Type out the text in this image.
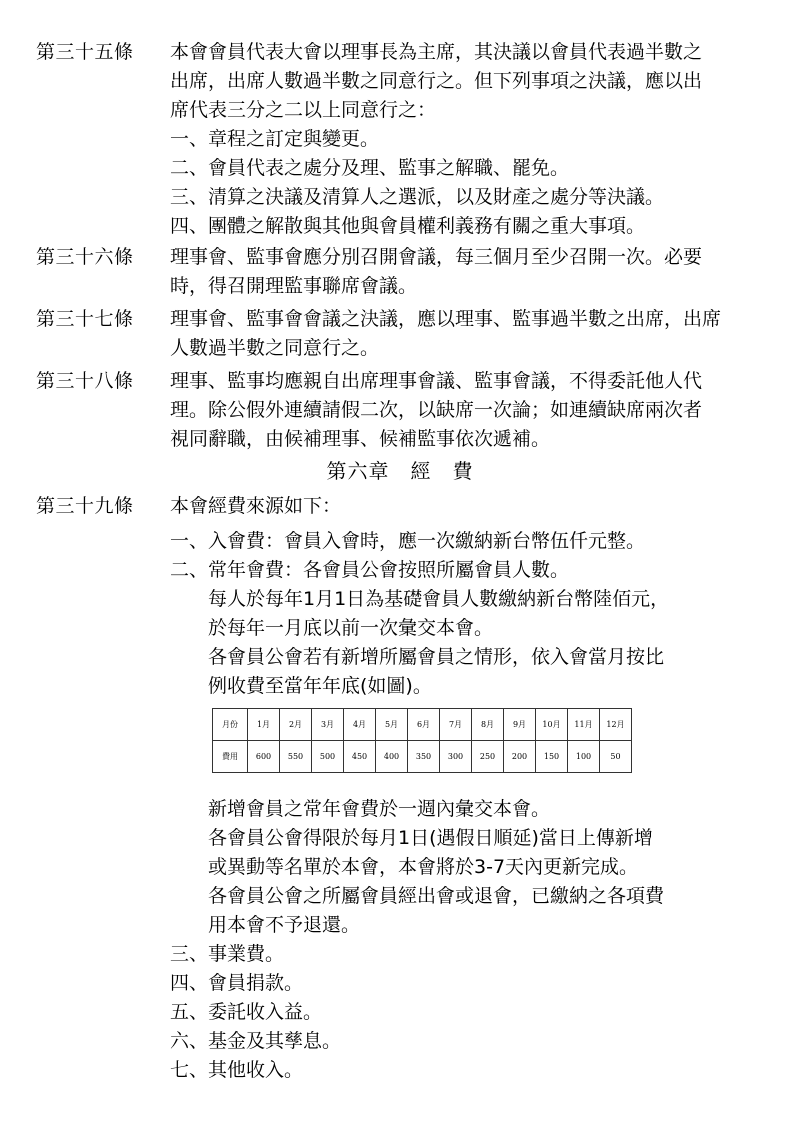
第三十五條	本會會員代表大會以理事長為主席，其決議以會員代表過半數之
出席，出席人數過半數之同意行之。但下列事項之決議，應以出
席代表三分之二以上同意行之：
一、章程之訂定與變更。
二、會員代表之處分及理、監事之解職、罷免。
三、清算之決議及清算人之選派，以及財產之處分等決議。
四、團體之解散與其他與會員權利義務有關之重大事項。
第三十六條	理事會、監事會應分別召開會議，每三個月至少召開一次。必要
時，得召開理監事聯席會議。
第三十七條	理事會、監事會會議之決議，應以理事、監事過半數之出席，出席
人數過半數之同意行之。
第三十八條	理事、監事均應親自出席理事會議、監事會議，不得委託他人代
理。除公假外連續請假二次，以缺席一次論；如連續缺席兩次者
視同辭職，由候補理事、候補監事依次遞補。
第六章　經　費
第三十九條	本會經費來源如下：
一、入會費：會員入會時，應一次繳納新台幣伍仟元整。
二、常年會費：各會員公會按照所屬會員人數。
每人於每年1月1日為基礎會員人數繳納新台幣陸佰元，
於每年一月底以前一次彙交本會。
各會員公會若有新增所屬會員之情形，依入會當月按比
例收費至當年年底(如圖)。
月份	1月	2月	3月	4月	5月	6月	7月	8月	9月	10月	11月	12月
費用	600	550	500	450	400	350	300	250	200	150	100	50
新增會員之常年會費於一週內彙交本會。
各會員公會得限於每月1日(遇假日順延)當日上傳新增
或異動等名單於本會，本會將於3-7天內更新完成。
各會員公會之所屬會員經出會或退會，已繳納之各項費
用本會不予退還。
三、事業費。
四、會員捐款。
五、委託收入益。
六、基金及其孳息。
七、其他收入。
